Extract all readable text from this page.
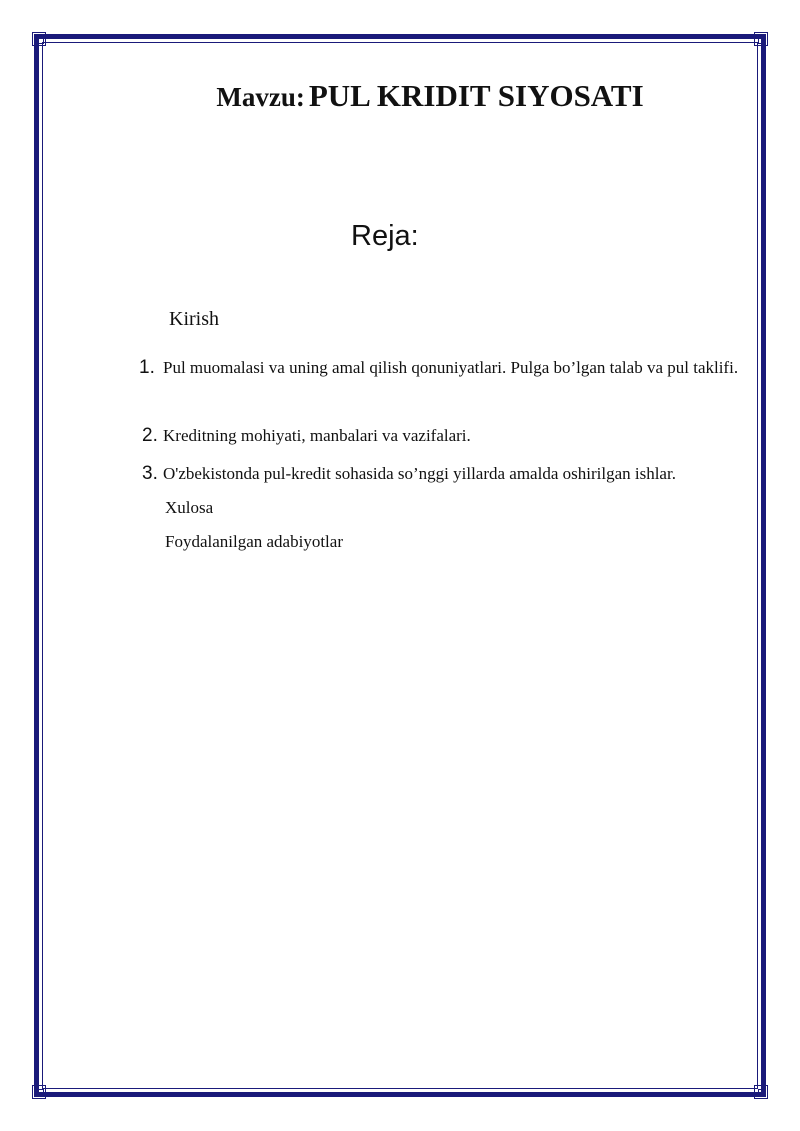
Mavzu: PUL KRIDIT SIYOSATI
Reja:
Kirish
1. Pul muomalasi va uning amal qilish qonuniyatlari. Pulga bo’lgan talab va pul taklifi.
2. Kreditning mohiyati, manbalari va vazifalari.
3. O'zbekistonda pul-kredit sohasida so’nggi yillarda amalda oshirilgan ishlar.
Xulosa
Foydalanilgan adabiyotlar
